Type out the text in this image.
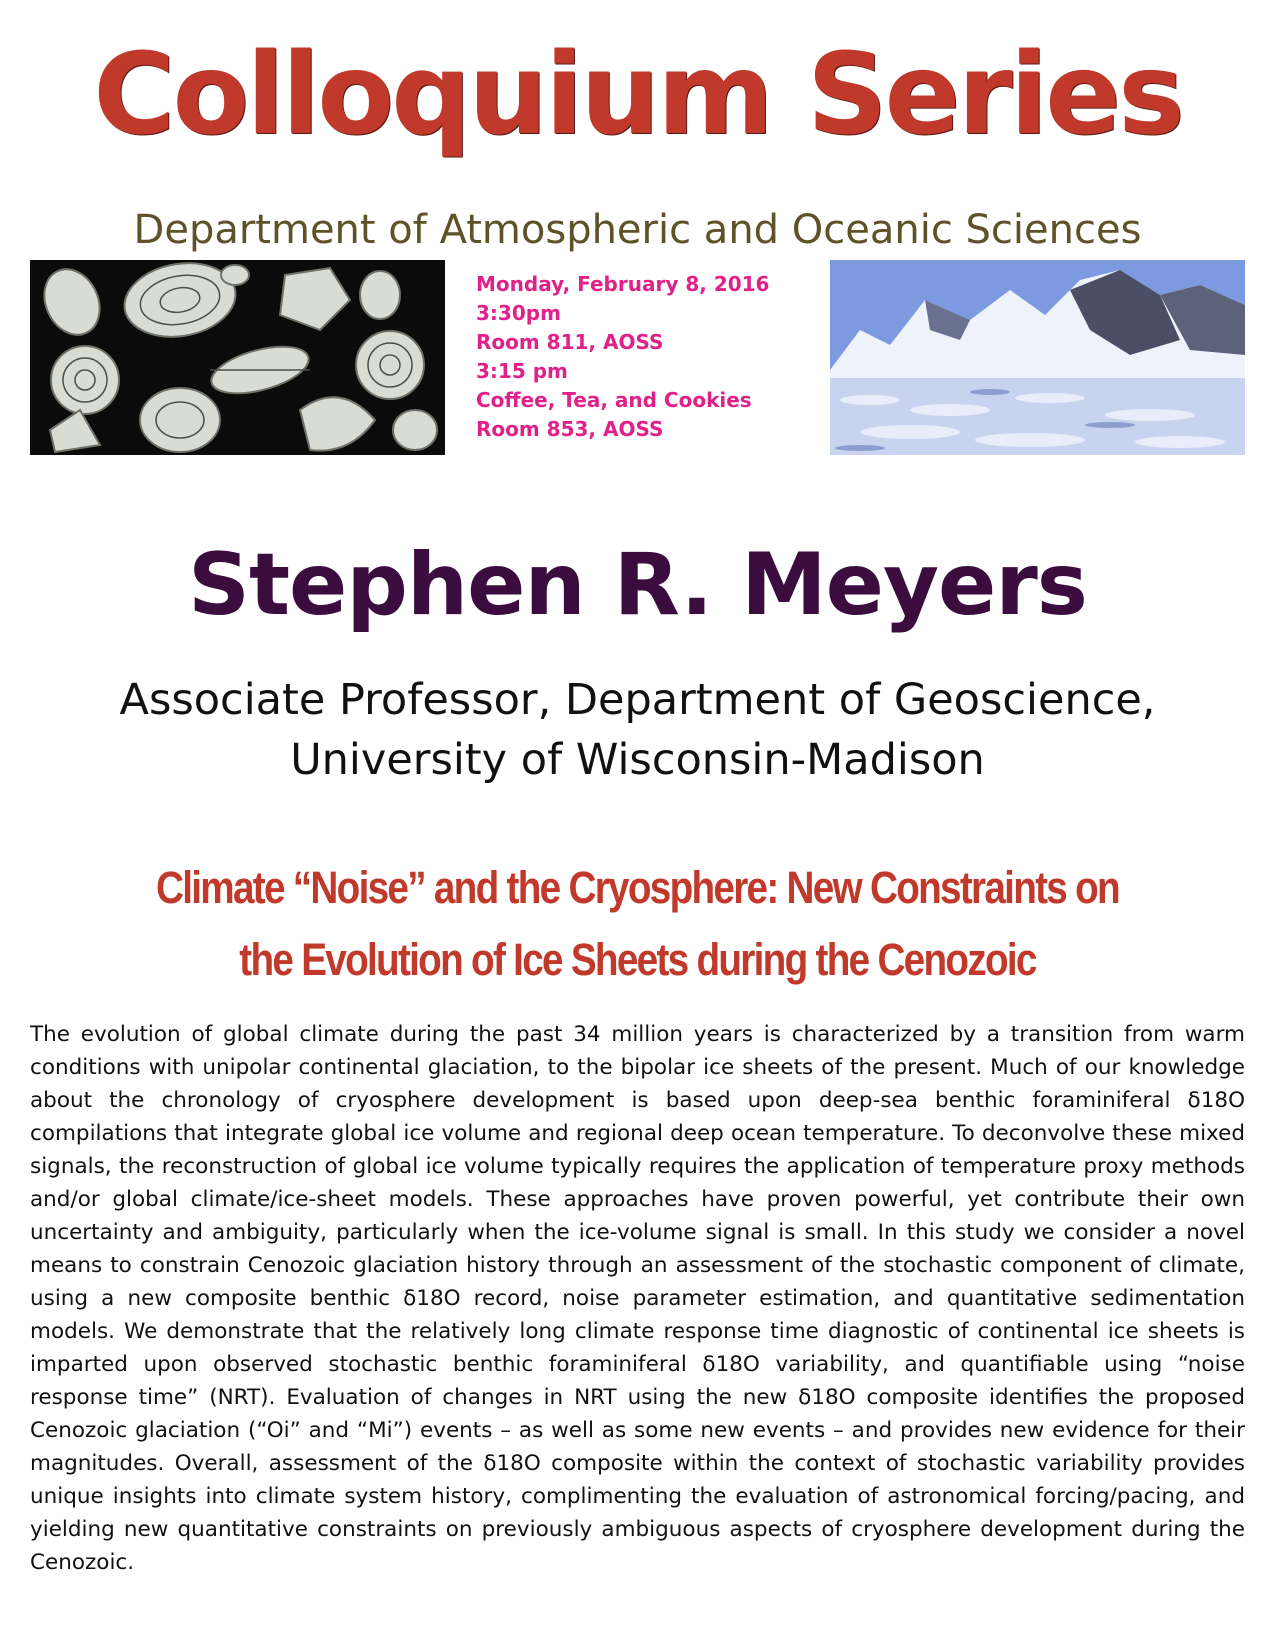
Colloquium Series
Department of Atmospheric and Oceanic Sciences
Monday, February 8, 2016
3:30pm
Room 811, AOSS
3:15 pm
Coffee, Tea, and Cookies
Room 853, AOSS
Stephen R. Meyers
Associate Professor, Department of Geoscience,
University of Wisconsin-Madison
Climate “Noise” and the Cryosphere: New Constraints on
the Evolution of Ice Sheets during the Cenozoic
The evolution of global climate during the past 34 million years is characterized by a transition from warm conditions with unipolar continental glaciation, to the bipolar ice sheets of the present. Much of our knowledge about the chronology of cryosphere development is based upon deep-sea benthic foraminiferal δ18O compilations that integrate global ice volume and regional deep ocean temperature. To deconvolve these mixed signals, the reconstruction of global ice volume typically requires the application of temperature proxy methods and/or global climate/ice-sheet models. These approaches have proven powerful, yet contribute their own uncertainty and ambiguity, particularly when the ice-volume signal is small. In this study we consider a novel means to constrain Cenozoic glaciation history through an assessment of the stochastic component of climate, using a new composite benthic δ18O record, noise parameter estimation, and quantitative sedimentation models. We demonstrate that the relatively long climate response time diagnostic of continental ice sheets is imparted upon observed stochastic benthic foraminiferal δ18O variability, and quantifiable using “noise response time” (NRT). Evaluation of changes in NRT using the new δ18O composite identifies the proposed Cenozoic glaciation (“Oi” and “Mi”) events – as well as some new events – and provides new evidence for their magnitudes. Overall, assessment of the δ18O composite within the context of stochastic variability provides unique insights into climate system history, complimenting the evaluation of astronomical forcing/pacing, and yielding new quantitative constraints on previously ambiguous aspects of cryosphere development during the Cenozoic.
